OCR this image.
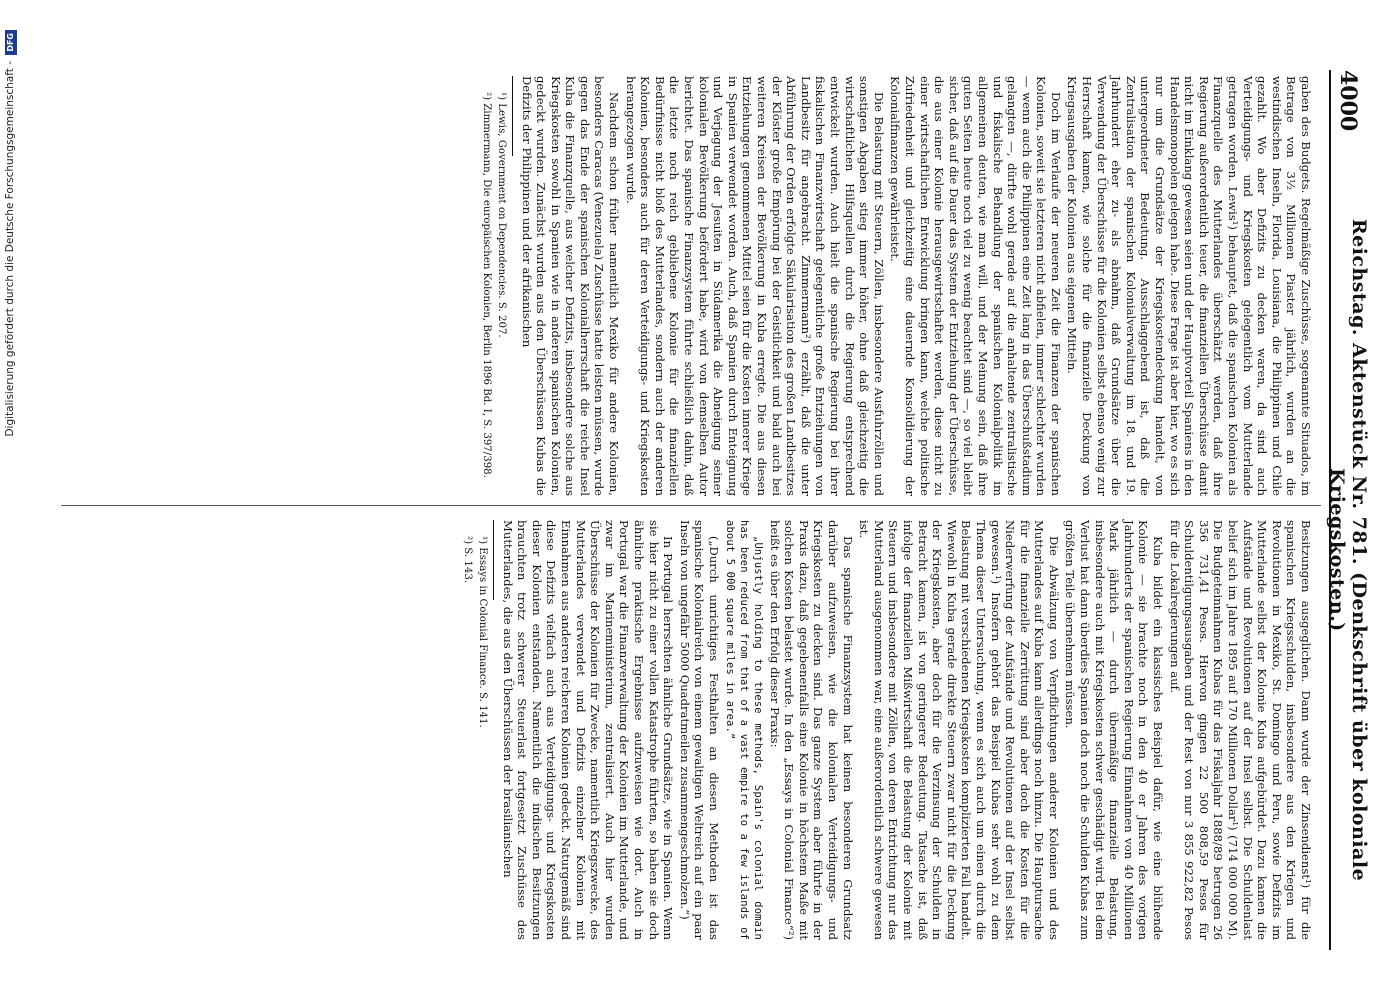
4000
Reichstag. Aktenstück Nr. 781. (Denkschrift über koloniale Kriegskosten.)

gaben des Budgets. Regelmäßige Zuschüsse, sogenannte Situados, im Betrage von 3½ Millionen Piaster jährlich, wurden an die westindischen Inseln, Florida, Louisiana, die Philippinen und Chile gezahlt. Wo aber Defizits zu decken waren, da sind auch Verteidigungs- und Kriegskosten gelegentlich vom Mutterlande getragen worden. Lewis¹) behauptet, daß die spanischen Kolonien als Finanzquelle des Mutterlandes überschätzt werden, daß ihre Regierung außerordentlich teuer, die finanziellen Überschüsse damit nicht im Einklang gewesen seien und der Hauptvorteil Spaniens in den Handelsmonopolen gelegen habe. Diese Frage ist aber hier, wo es sich nur um die Grundsätze der Kriegskostendeckung handelt, von untergeordneter Bedeutung. Ausschlaggebend ist, daß die Zentralisation der spanischen Kolonialverwaltung im 18. und 19. Jahrhundert eher zu- als abnahm, daß Grundsätze über die Verwendung der Überschüsse für die Kolonien selbst ebenso wenig zur Herrschaft kamen, wie solche für die finanzielle Deckung von Kriegsausgaben der Kolonien aus eigenen Mitteln.

Doch im Verlaufe der neueren Zeit die Finanzen der spanischen Kolonien, soweit sie letzteren nicht abfielen, immer schlechter wurden — wenn auch die Philippinen eine Zeit lang in das Überschußstadium gelangten —, dürfte wohl gerade auf die anhaltende zentralistische und fiskalische Behandlung der spanischen Kolonialpolitik im allgemeinen deuten, wie man will, und der Meinung sein, daß ihre guten Seiten heute noch viel zu wenig beachtet sind —, so viel bleibt sicher, daß auf die Dauer das System der Entziehung der Überschüsse, die aus einer Kolonie herausgewirtschaftet werden, diese nicht zu einer wirtschaftlichen Entwicklung bringen kann, welche politische Zufriedenheit und gleichzeitig eine dauernde Konsolidierung der Kolonialfinanzen gewährleistet.

Die Belastung mit Steuern, Zöllen, insbesondere Ausfuhrzöllen und sonstigen Abgaben stieg immer höher, ohne daß gleichzeitig die wirtschaftlichen Hilfsquellen durch die Regierung entsprechend entwickelt wurden. Auch hielt die spanische Regierung bei ihrer fiskalischen Finanzwirtschaft gelegentliche große Entziehungen von Landbesitz für angebracht. Zimmermann²) erzählt, daß die unter Abführung der Orden erfolgte Säkularisation des großen Landbesitzes der Klöster große Empörung bei der Geistlichkeit und bald auch bei weiteren Kreisen der Bevölkerung in Kuba erregte. Die aus diesen Entziehungen genommenen Mittel seien für die Kosten innerer Kriege in Spanien verwendet worden. Auch, daß Spanien durch Enteignung und Verjagung der Jesuiten in Südamerika die Abneigung seiner kolonialen Bevölkerung befördert habe, wird von demselben Autor berichtet. Das spanische Finanzsystem führte schließlich dahin, daß die letzte noch reich gebliebene Kolonie für die finanziellen Bedürfnisse nicht bloß des Mutterlandes, sondern auch der anderen Kolonien, besonders auch für deren Verteidigungs- und Kriegskosten herangezogen wurde.

Nachdem schon früher namentlich Mexiko für andere Kolonien, besonders Caracas (Venezuela) Zuschüsse hatte leisten müssen, wurde gegen das Ende der spanischen Kolonialherrschaft die reiche Insel Kuba die Finanzquelle, aus welcher Defizits, insbesondere solche aus Kriegskosten sowohl in Spanien wie in anderen spanischen Kolonien, gedeckt wurden. Zunächst wurden aus den Überschüssen Kubas die Defizits der Philippinen und der afrikanischen

¹) Lewis, Government on Dependencies. S. 207.

²) Zimmermann, Die europäischen Kolonien, Berlin 1896 Bd. I, S. 397/398.

Besitzungen ausgeglichen. Dann wurde der Zinsendienst¹) für die spanischen Kriegsschulden, insbesondere aus den Kriegen und Revolutionen in Mexiko, St. Domingo und Peru, sowie Defizits im Mutterlande selbst der Kolonie Kuba aufgebürdet. Dazu kamen die Aufstände und Revolutionen auf der Insel selbst. Die Schuldenlast belief sich im Jahre 1895 auf 170 Millionen Dollar¹) (714 000 000 M). Die Budgeteinnahmen Kubas für das Fiskaljahr 1888/89 betrugen 26 356 731,41 Pesos. Hiervon gingen 22 500 808,59 Pesos für Schuldentilgungsausgaben und der Rest von nur 3 855 922,82 Pesos für die Lokalregierungen auf.

Kuba bildet ein klassisches Beispiel dafür, wie eine blühende Kolonie — sie brachte noch in den 40 er Jahren des vorigen Jahrhunderts der spanischen Regierung Einnahmen von 40 Millionen Mark jährlich — durch übermäßige finanzielle Belastung, insbesondere auch mit Kriegskosten schwer geschädigt wird. Bei dem Verlust hat dann überdies Spanien doch noch die Schulden Kubas zum größten Teile übernehmen müssen.

Die Abwälzung von Verpflichtungen anderer Kolonien und des Mutterlandes auf Kuba kann allerdings noch hinzu. Die Hauptursache für die finanzielle Zerrüttung sind aber doch die Kosten für die Niederwerfung der Aufstände und Revolutionen auf der Insel selbst gewesen.¹) Insofern gehört das Beispiel Kubas sehr wohl zu dem Thema dieser Untersuchung, wenn es sich auch um einen durch die Belastung mit verschiedenen Kriegskosten komplizierten Fall handelt. Wiewohl in Kuba gerade direkte Steuern zwar nicht für die Deckung der Kriegskosten, aber doch für die Verzinsung der Schulden in Betracht kamen, ist von geringerer Bedeutung. Tatsache ist, daß infolge der finanziellen Mißwirtschaft die Belastung der Kolonie mit Steuern und insbesondere mit Zöllen, von deren Entrichtung nur das Mutterland ausgenommen war, eine außerordentlich schwere gewesen ist.

Das spanische Finanzsystem hat keinen besonderen Grundsatz darüber aufzuweisen, wie die kolonialen Verteidigungs- und Kriegskosten zu decken sind. Das ganze System aber führte in der Praxis dazu, daß gegebenenfalls eine Kolonie in höchstem Maße mit solchen Kosten belastet wurde. In den „Essays in Colonial Finance“²) heißt es über den Erfolg dieser Praxis:

„Unjustly holding to these methods, Spain's colonial domain has been reduced from that of a vast empire to a few islands of about 5 000 square miles in area.“

(„Durch unrichtiges Festhalten an diesen Methoden ist das spanische Kolonialreich von einem gewaltigen Weltreich auf ein paar Inseln von ungefähr 5000 Quadratmeilen zusammengeschmolzen.“)

In Portugal herrschten ähnliche Grundsätze, wie in Spanien. Wenn sie hier nicht zu einer vollen Katastrophe führten, so haben sie doch ähnliche praktische Ergebnisse aufzuweisen wie dort. Auch in Portugal war die Finanzverwaltung der Kolonien im Mutterlande, und zwar im Marineministerium, zentralisiert. Auch hier wurden Überschüsse der Kolonien für Zwecke, namentlich Kriegszwecke, des Mutterlandes verwendet und Defizits einzelner Kolonien mit Einnahmen aus anderen reicheren Kolonien gedeckt. Naturgemäß sind diese Defizits vielfach auch aus Verteidigungs- und Kriegskosten dieser Kolonien entstanden. Namentlich die indischen Besitzungen brauchten trotz schwerer Steuerlast fortgesetzt Zuschüsse des Mutterlandes, die aus den Überschüssen der brasilianischen

¹) Essays in Colonial Finance. S. 141.

²) S. 143.

Digitalisierung gefördert durch die Deutsche Forschungsgemeinschaft - DFG
